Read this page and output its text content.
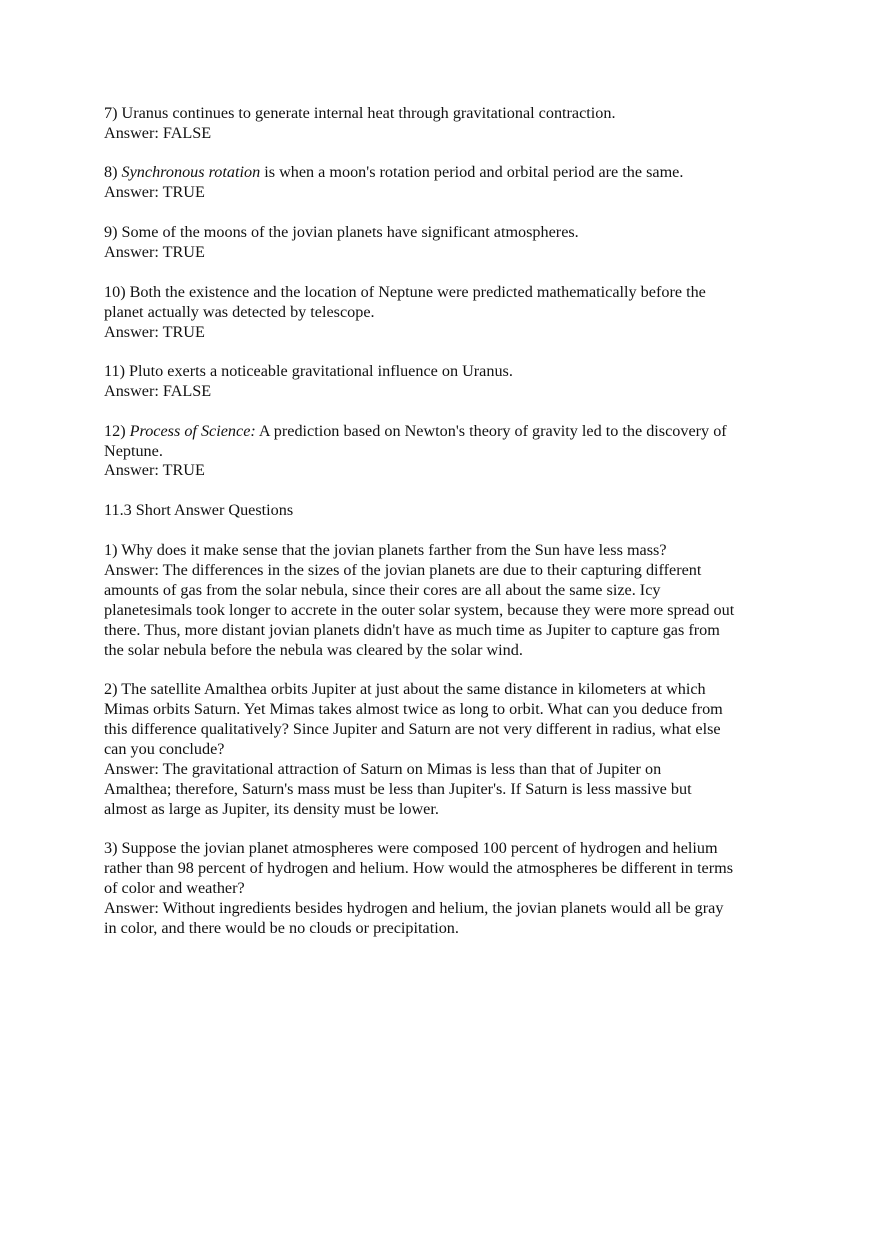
7) Uranus continues to generate internal heat through gravitational contraction.
Answer: FALSE
8) Synchronous rotation is when a moon's rotation period and orbital period are the same.
Answer: TRUE
9) Some of the moons of the jovian planets have significant atmospheres.
Answer: TRUE
10) Both the existence and the location of Neptune were predicted mathematically before the
planet actually was detected by telescope.
Answer: TRUE
11) Pluto exerts a noticeable gravitational influence on Uranus.
Answer: FALSE
12) Process of Science: A prediction based on Newton's theory of gravity led to the discovery of
Neptune.
Answer: TRUE
11.3 Short Answer Questions
1) Why does it make sense that the jovian planets farther from the Sun have less mass?
Answer: The differences in the sizes of the jovian planets are due to their capturing different
amounts of gas from the solar nebula, since their cores are all about the same size. Icy
planetesimals took longer to accrete in the outer solar system, because they were more spread out
there. Thus, more distant jovian planets didn't have as much time as Jupiter to capture gas from
the solar nebula before the nebula was cleared by the solar wind.
2) The satellite Amalthea orbits Jupiter at just about the same distance in kilometers at which
Mimas orbits Saturn. Yet Mimas takes almost twice as long to orbit. What can you deduce from
this difference qualitatively? Since Jupiter and Saturn are not very different in radius, what else
can you conclude?
Answer: The gravitational attraction of Saturn on Mimas is less than that of Jupiter on
Amalthea; therefore, Saturn's mass must be less than Jupiter's. If Saturn is less massive but
almost as large as Jupiter, its density must be lower.
3) Suppose the jovian planet atmospheres were composed 100 percent of hydrogen and helium
rather than 98 percent of hydrogen and helium. How would the atmospheres be different in terms
of color and weather?
Answer: Without ingredients besides hydrogen and helium, the jovian planets would all be gray
in color, and there would be no clouds or precipitation.
